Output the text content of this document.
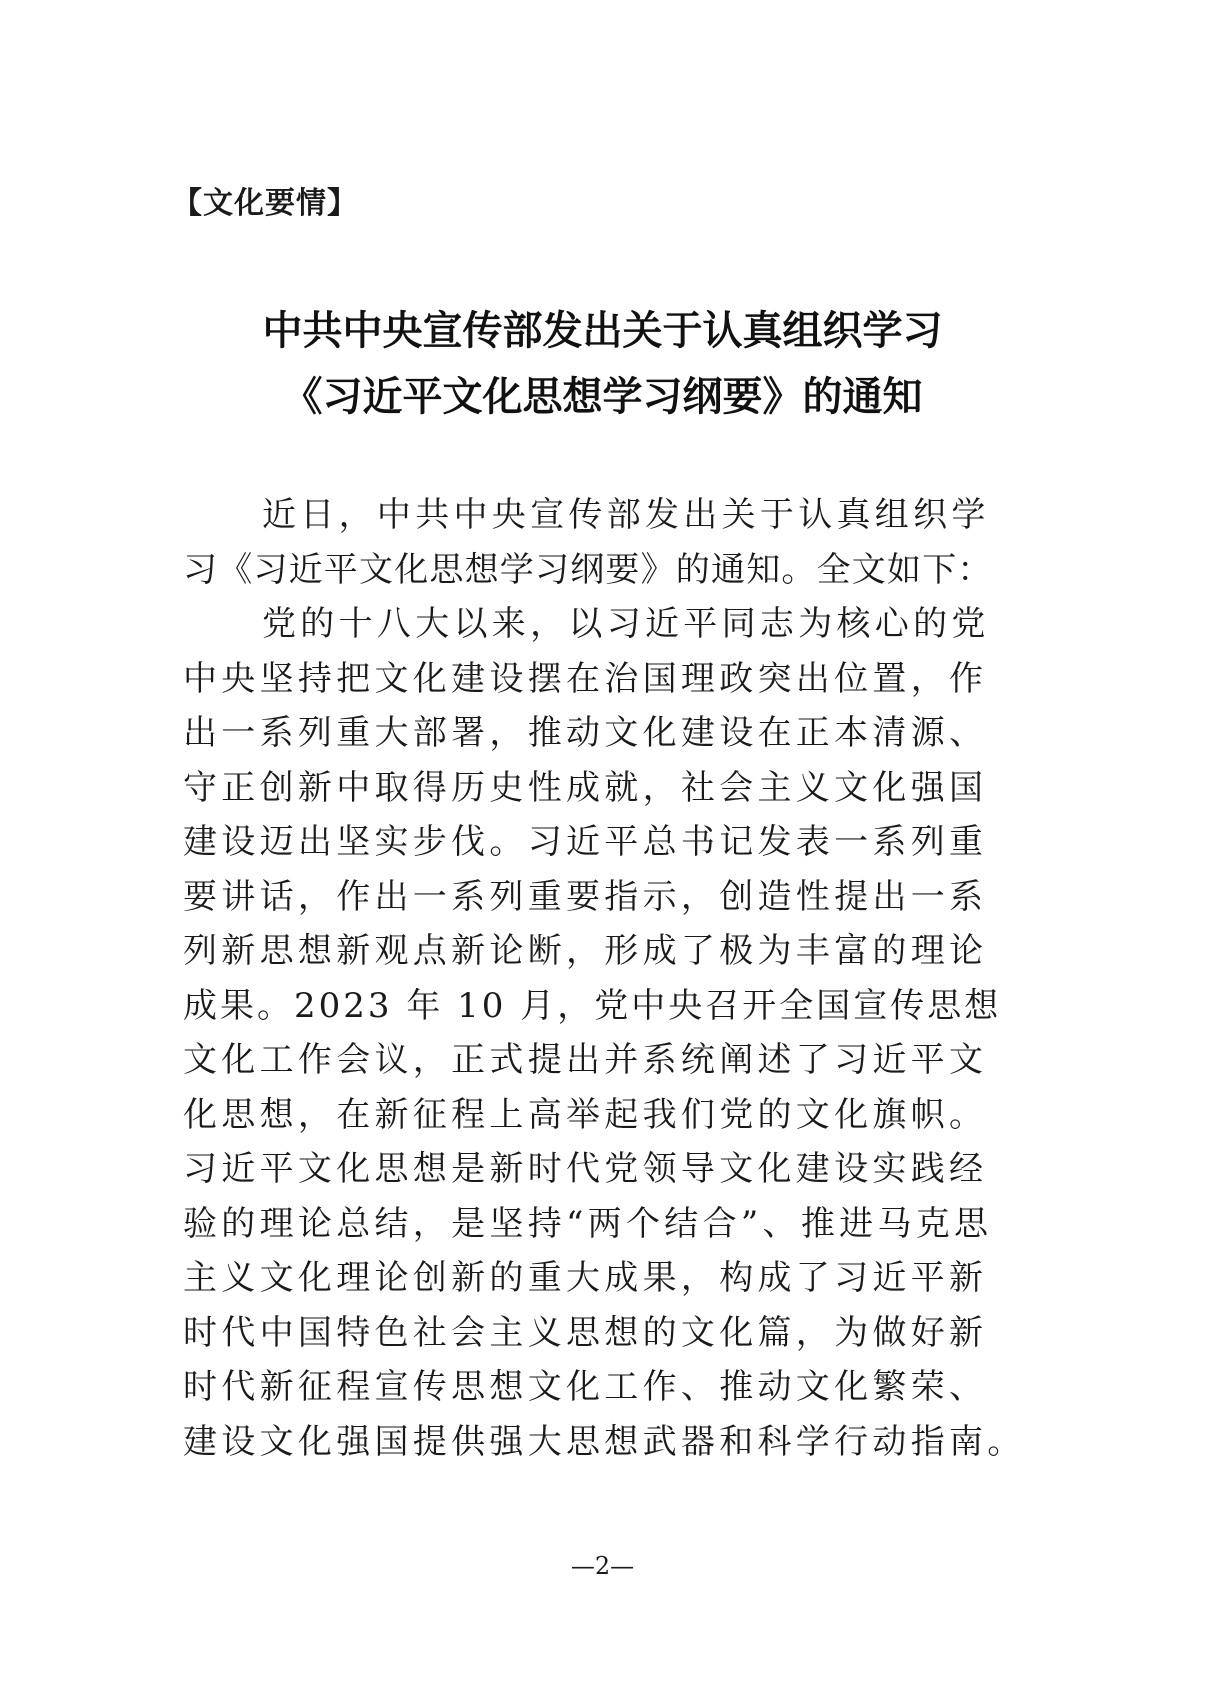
【文化要情】
中共中央宣传部发出关于认真组织学习
《习近平文化思想学习纲要》的通知
近日，中共中央宣传部发出关于认真组织学
习《习近平文化思想学习纲要》的通知。全文如下：
党的十八大以来，以习近平同志为核心的党
中央坚持把文化建设摆在治国理政突出位置，作
出一系列重大部署，推动文化建设在正本清源、
守正创新中取得历史性成就，社会主义文化强国
建设迈出坚实步伐。习近平总书记发表一系列重
要讲话，作出一系列重要指示，创造性提出一系
列新思想新观点新论断，形成了极为丰富的理论
成果。2023 年 10 月，党中央召开全国宣传思想
文化工作会议，正式提出并系统阐述了习近平文
化思想，在新征程上高举起我们党的文化旗帜。
习近平文化思想是新时代党领导文化建设实践经
验的理论总结，是坚持“两个结合”、推进马克思
主义文化理论创新的重大成果，构成了习近平新
时代中国特色社会主义思想的文化篇，为做好新
时代新征程宣传思想文化工作、推动文化繁荣、
建设文化强国提供强大思想武器和科学行动指南。
—2—
